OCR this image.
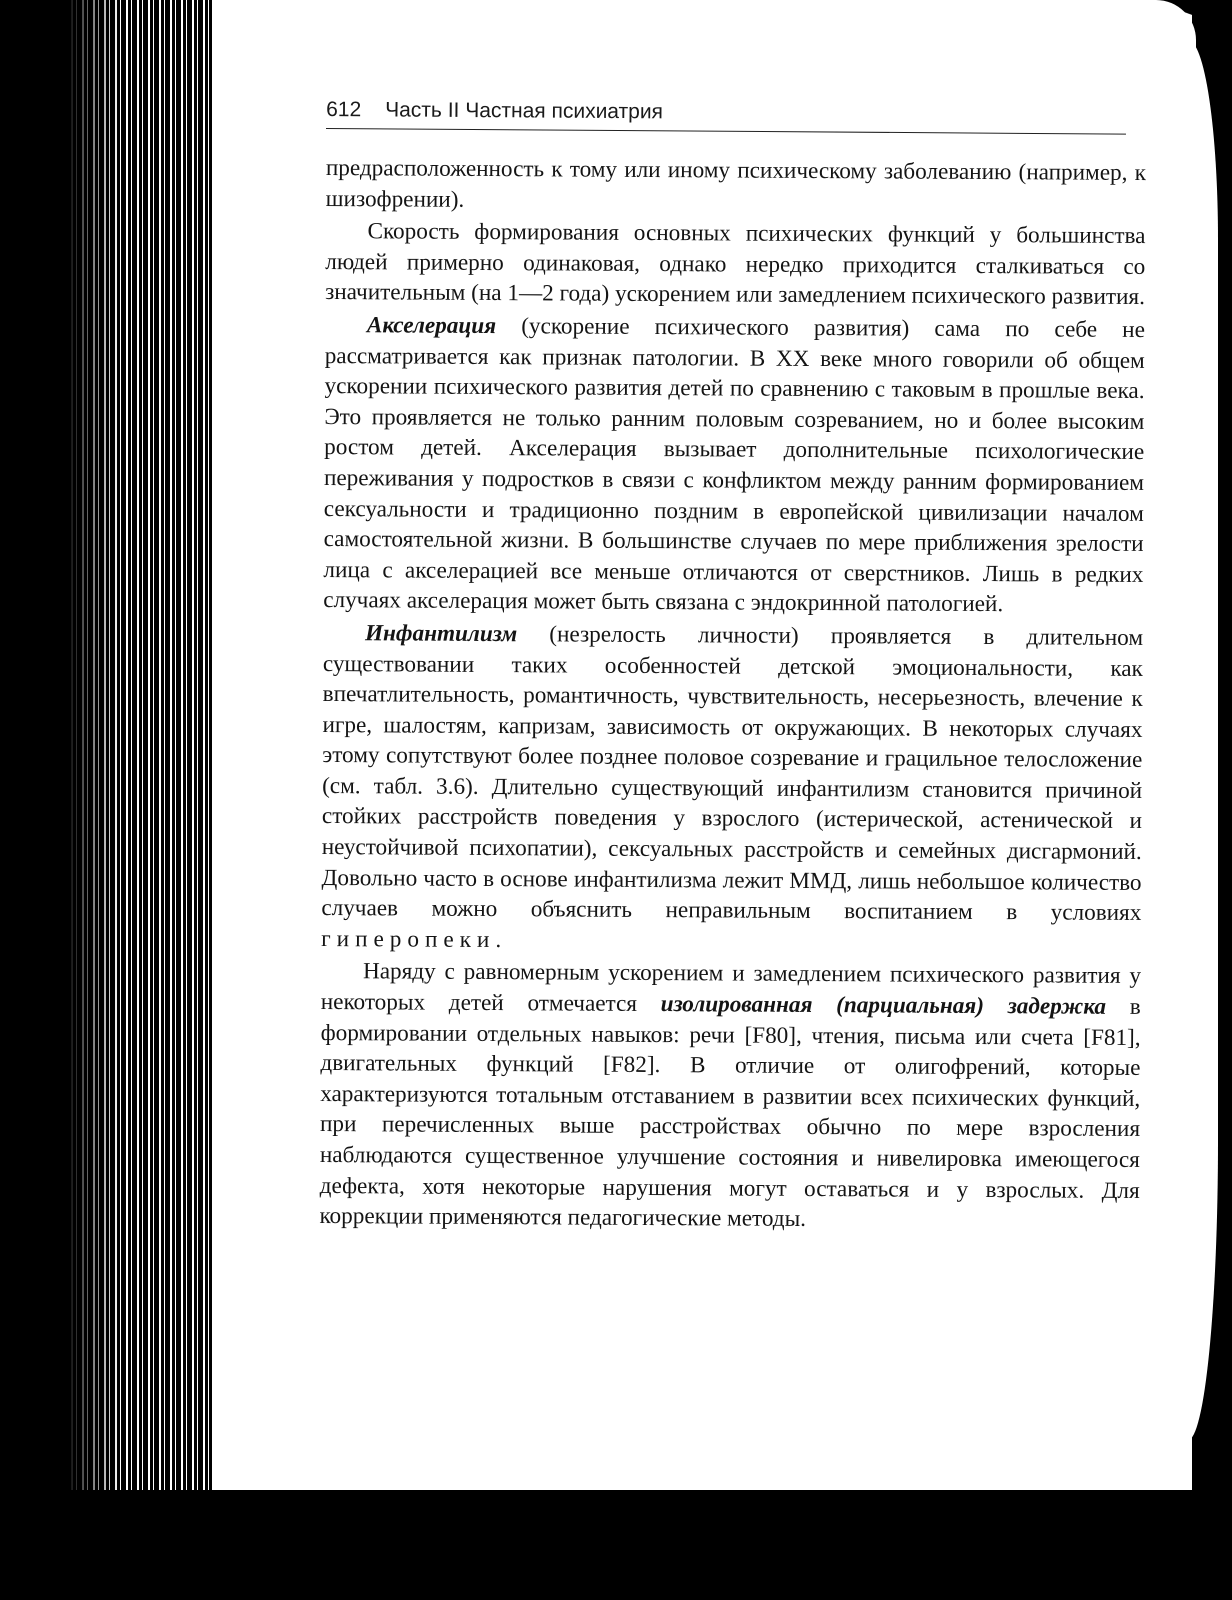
612 Часть II Частная психиатрия

предрасположенность к тому или иному психическому заболеванию (например, к шизофрении).

Скорость формирования основных психических функций у большинства людей примерно одинаковая, однако нередко приходится сталкиваться со значительным (на 1—2 года) ускорением или замедлением психического развития.

Акселерация (ускорение психического развития) сама по себе не рассматривается как признак патологии. В XX веке много говорили об общем ускорении психического развития детей по сравнению с таковым в прошлые века. Это проявляется не только ранним половым созреванием, но и более высоким ростом детей. Акселерация вызывает дополнительные психологические переживания у подростков в связи с конфликтом между ранним формированием сексуальности и традиционно поздним в европейской цивилизации началом самостоятельной жизни. В большинстве случаев по мере приближения зрелости лица с акселерацией все меньше отличаются от сверстников. Лишь в редких случаях акселерация может быть связана с эндокринной патологией.

Инфантилизм (незрелость личности) проявляется в длительном существовании таких особенностей детской эмоциональности, как впечатлительность, романтичность, чувствительность, несерьезность, влечение к игре, шалостям, капризам, зависимость от окружающих. В некоторых случаях этому сопутствуют более позднее половое созревание и грацильное телосложение (см. табл. 3.6). Длительно существующий инфантилизм становится причиной стойких расстройств поведения у взрослого (истерической, астенической и неустойчивой психопатии), сексуальных расстройств и семейных дисгармоний. Довольно часто в основе инфантилизма лежит ММД, лишь небольшое количество случаев можно объяснить неправильным воспитанием в условиях гиперопеки.

Наряду с равномерным ускорением и замедлением психического развития у некоторых детей отмечается изолированная (парциальная) задержка в формировании отдельных навыков: речи [F80], чтения, письма или счета [F81], двигательных функций [F82]. В отличие от олигофрений, которые характеризуются тотальным отставанием в развитии всех психических функций, при перечисленных выше расстройствах обычно по мере взросления наблюдаются существенное улучшение состояния и нивелировка имеющегося дефекта, хотя некоторые нарушения могут оставаться и у взрослых. Для коррекции применяются педагогические методы.
